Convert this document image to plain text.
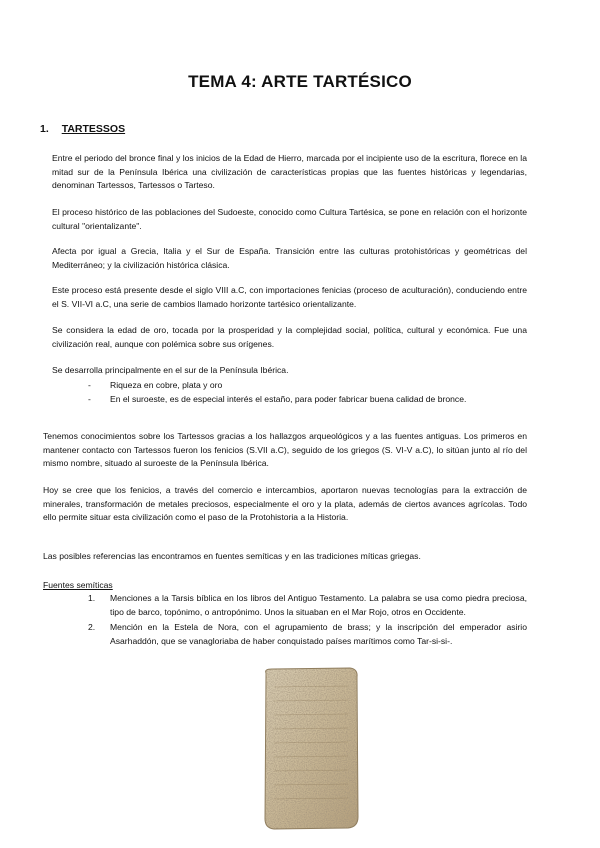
TEMA 4: ARTE TARTÉSICO
1. TARTESSOS

Entre el periodo del bronce final y los inicios de la Edad de Hierro, marcada por el incipiente uso de la escritura, florece en la mitad sur de la Península Ibérica una civilización de características propias que las fuentes históricas y legendarias, denominan Tartessos, Tartessos o Tarteso.

El proceso histórico de las poblaciones del Sudoeste, conocido como Cultura Tartésica, se pone en relación con el horizonte cultural "orientalizante".

Afecta por igual a Grecia, Italia y el Sur de España. Transición entre las culturas protohistóricas y geométricas del Mediterráneo; y la civilización histórica clásica.

Este proceso está presente desde el siglo VIII a.C, con importaciones fenicias (proceso de aculturación), conduciendo entre el S. VII-VI a.C, una serie de cambios llamado horizonte tartésico orientalizante.

Se considera la edad de oro, tocada por la prosperidad y la complejidad social, política, cultural y económica. Fue una civilización real, aunque con polémica sobre sus orígenes.

Se desarrolla principalmente en el sur de la Península Ibérica.

- Riqueza en cobre, plata y oro
- En el suroeste, es de especial interés el estaño, para poder fabricar buena calidad de bronce.

Tenemos conocimientos sobre los Tartessos gracias a los hallazgos arqueológicos y a las fuentes antiguas. Los primeros en mantener contacto con Tartessos fueron los fenicios (S.VII a.C), seguido de los griegos (S. VI-V a.C), lo sitúan junto al río del mismo nombre, situado al suroeste de la Península Ibérica.

Hoy se cree que los fenicios, a través del comercio e intercambios, aportaron nuevas tecnologías para la extracción de minerales, transformación de metales preciosos, especialmente el oro y la plata, además de ciertos avances agrícolas. Todo ello permite situar esta civilización como el paso de la Protohistoria a la Historia.

Las posibles referencias las encontramos en fuentes semíticas y en las tradiciones míticas griegas.

Fuentes semíticas
1. Menciones a la Tarsis bíblica en los libros del Antiguo Testamento. La palabra se usa como piedra preciosa, tipo de barco, topónimo, o antropónimo. Unos la situaban en el Mar Rojo, otros en Occidente.
2. Mención en la Estela de Nora, con el agrupamiento de brass; y la inscripción del emperador asirio Asarhaddón, que se vanagloriaba de haber conquistado países marítimos como Tar-si-si-.
